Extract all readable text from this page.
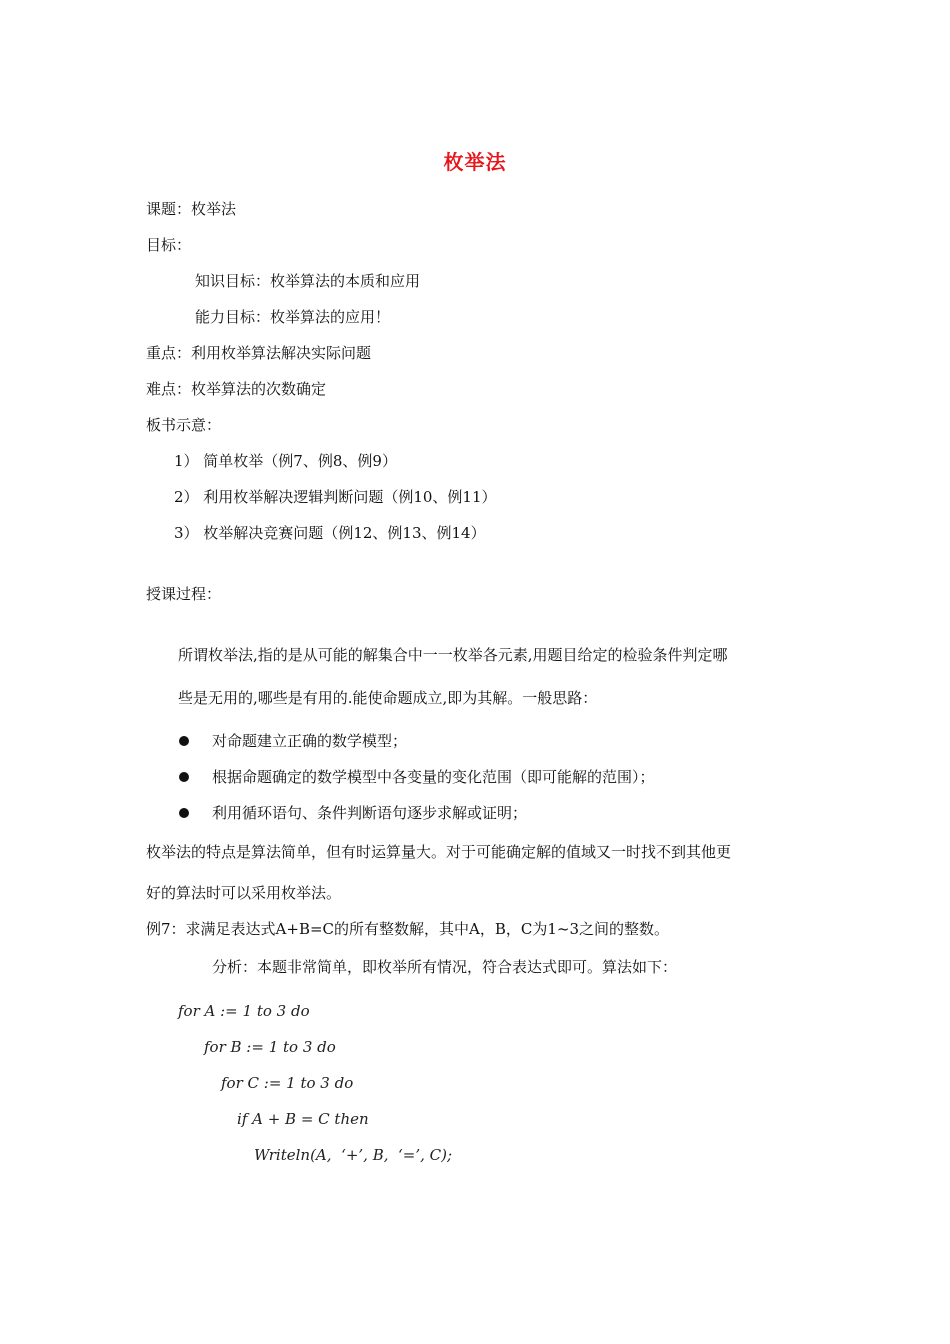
枚举法
课题：枚举法
目标：
知识目标：枚举算法的本质和应用
能力目标：枚举算法的应用！
重点：利用枚举算法解决实际问题
难点：枚举算法的次数确定
板书示意：
1） 简单枚举（例7、例8、例9）
2） 利用枚举解决逻辑判断问题（例10、例11）
3） 枚举解决竞赛问题（例12、例13、例14）
授课过程：
所谓枚举法,指的是从可能的解集合中一一枚举各元素,用题目给定的检验条件判定哪
些是无用的,哪些是有用的.能使命题成立,即为其解。一般思路：
对命题建立正确的数学模型；
根据命题确定的数学模型中各变量的变化范围（即可能解的范围）；
利用循环语句、条件判断语句逐步求解或证明；
枚举法的特点是算法简单，但有时运算量大。对于可能确定解的值域又一时找不到其他更
好的算法时可以采用枚举法。
例7：求满足表达式A+B=C的所有整数解，其中A，B，C为1~3之间的整数。
分析：本题非常简单，即枚举所有情况，符合表达式即可。算法如下：
for A := 1 to 3 do
for B := 1 to 3 do
for C := 1 to 3 do
if A + B = C then
Writeln(A,  ‘+’, B,  ‘=’, C);
